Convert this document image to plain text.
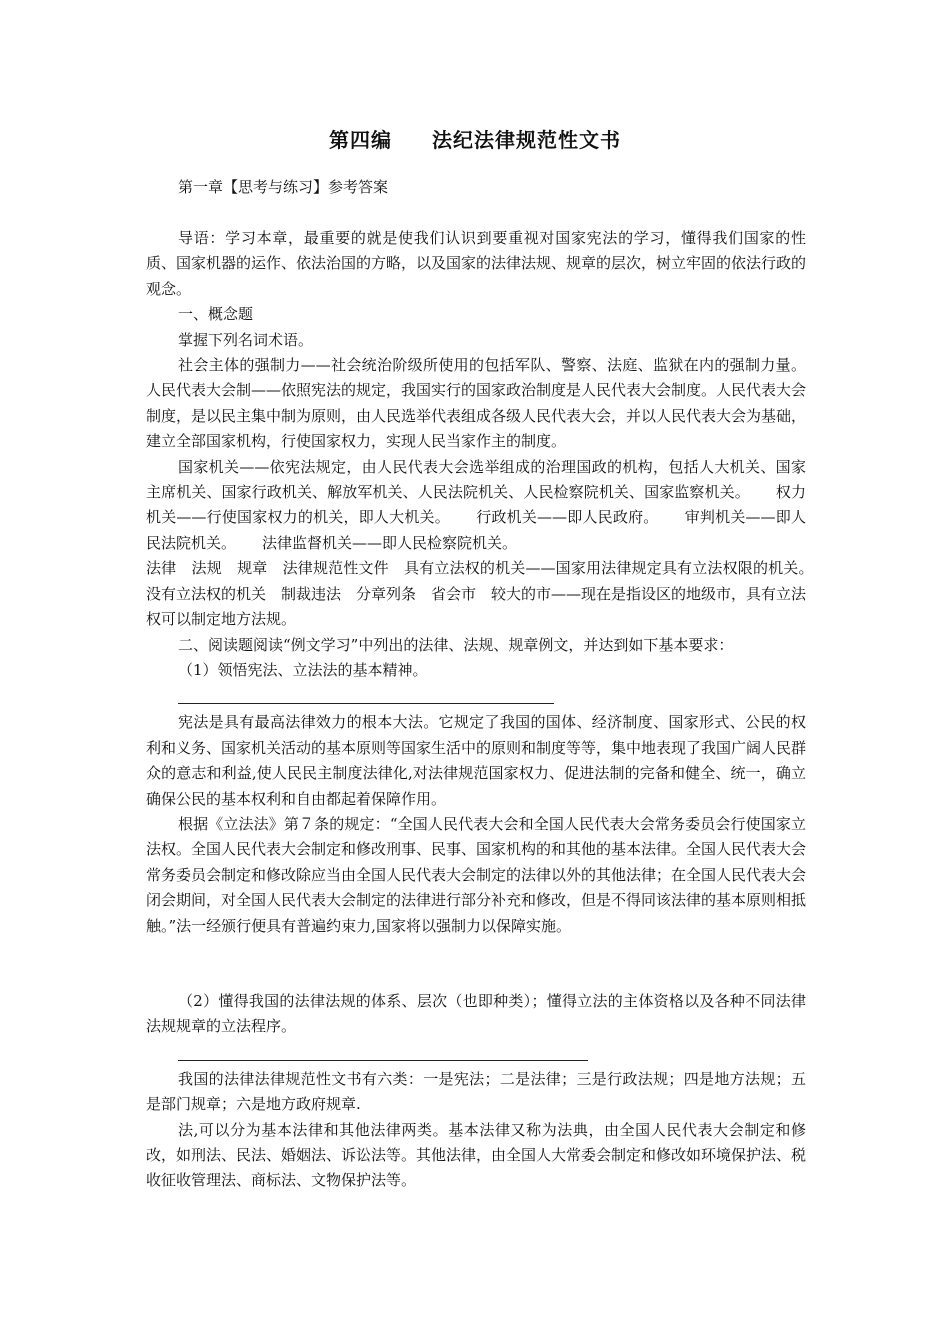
第四编 法纪法律规范性文书

第一章【思考与练习】参考答案

导语：学习本章，最重要的就是使我们认识到要重视对国家宪法的学习，懂得我们国家的性质、国家机器的运作、依法治国的方略，以及国家的法律法规、规章的层次，树立牢固的依法行政的观念。

一、概念题

掌握下列名词术语。

社会主体的强制力——社会统治阶级所使用的包括军队、警察、法庭、监狱在内的强制力量。 人民代表大会制——依照宪法的规定，我国实行的国家政治制度是人民代表大会制度。人民代表大会制度，是以民主集中制为原则，由人民选举代表组成各级人民代表大会，并以人民代表大会为基础，建立全部国家机构，行使国家权力，实现人民当家作主的制度。

国家机关——依宪法规定，由人民代表大会选举组成的治理国政的机构，包括人大机关、国家主席机关、国家行政机关、解放军机关、人民法院机关、人民检察院机关、国家监察机关。 权力机关——行使国家权力的机关，即人大机关。 行政机关——即人民政府。 审判机关——即人民法院机关。 法律监督机关——即人民检察院机关。

法律　法规　规章　法律规范性文件　具有立法权的机关——国家用法律规定具有立法权限的机关。　没有立法权的机关　制裁违法　分章列条　省会市　较大的市——现在是指设区的地级市，具有立法权可以制定地方法规。

二、阅读题阅读“例文学习”中列出的法律、法规、规章例文，并达到如下基本要求：

（1）领悟宪法、立法法的基本精神。

宪法是具有最高法律效力的根本大法。它规定了我国的国体、经济制度、国家形式、公民的权利和义务、国家机关活动的基本原则等国家生活中的原则和制度等等，集中地表现了我国广阔人民群众的意志和利益,使人民民主制度法律化,对法律规范国家权力、促进法制的完备和健全、统一，确立确保公民的基本权利和自由都起着保障作用。

根据《立法法》第７条的规定：“全国人民代表大会和全国人民代表大会常务委员会行使国家立法权。全国人民代表大会制定和修改刑事、民事、国家机构的和其他的基本法律。全国人民代表大会常务委员会制定和修改除应当由全国人民代表大会制定的法律以外的其他法律；在全国人民代表大会闭会期间，对全国人民代表大会制定的法律进行部分补充和修改，但是不得同该法律的基本原则相抵触。”法一经颁行便具有普遍约束力,国家将以强制力以保障实施。

（2）懂得我国的法律法规的体系、层次（也即种类）；懂得立法的主体资格以及各种不同法律法规规章的立法程序。

我国的法律法律规范性文书有六类：一是宪法；二是法律；三是行政法规；四是地方法规；五是部门规章；六是地方政府规章.

法,可以分为基本法律和其他法律两类。基本法律又称为法典，由全国人民代表大会制定和修改，如刑法、民法、婚姻法、诉讼法等。其他法律，由全国人大常委会制定和修改如环境保护法、税收征收管理法、商标法、文物保护法等。
